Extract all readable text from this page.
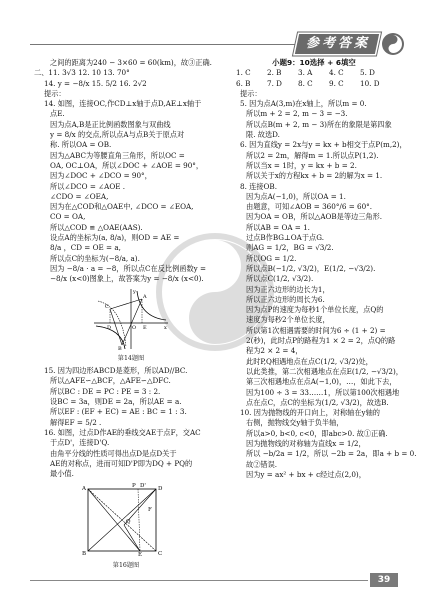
参考答案

之间的距离为240 − 3×60 = 60(km)，故③正确.

二、11. 3√3 12. 10 13. 70°

14. y = −8/x 15. 5/2 16. 2√2

提示：

14. 如图，连接OC,作CD⊥x轴于点D,AE⊥x轴于

点E.

因为点A,B是正比例函数图象与双曲线

y = 8/x 的交点,所以点A与点B关于原点对

称. 所以OA = OB.

因为△ABC为等腰直角三角形，所以OC =

OA, OC⊥OA，所以∠DOC + ∠AOE = 90°，

因为∠DOC + ∠DCO = 90°，

所以∠DCO = ∠AOE .

∠CDO = ∠OEA,

因为在△COD和△OAE中, ∠DCO = ∠EOA,

CO = OA,

所以△COD ≌ △OAE(AAS).

设点A的坐标为(a, 8/a)，则OD = AE =

8/a ，CD = OE = a,

所以点C的坐标为(−8/a, a).

因为 −8/a · a = −8，所以点C在反比例函数y =

−8/x (x<0)图象上，故答案为y = −8/x (x<0).

A
B
C
D	E
O	x
y
第14题图

15. 因为四边形ABCD是菱形，所以AD//BC.

所以△AFE∽△BCF，△AFE∽△DFC.

所以BC : DE = PC : PE = 3 : 2.

设BC = 3a，则DE = 2a，所以AE = a.

所以EF : (EF + EC) = AE : BC = 1 : 3.

解得EF = 5/2 .

16. 如图，过点D作AE的垂线交AE于点F，交AC

于点D'，连接D'Q.

由角平分线的性质可得出点D是点D关于

AE的对称点，进而可知D'P即为DQ + PQ的

最小值.

A
B	C
D
E
P D'
Q
F
第16题图

小题9：10选择 + 6填空

1. C	2. B	3. A	4. C	5. D
6. B	7. D	8. C	9. C	10. D

提示：

5. 因为点A(3,m)在x轴上，所以m = 0.

所以m + 2 = 2, m − 3 = −3.

所以点B(m + 2, m − 3)所在的象限是第四象

限. 故选D.

6. 因为直线y = 2x与y = kx + b相交于点P(m,2)，

所以2 = 2m，解得m = 1.所以点P(1,2).

所以当x = 1时，y = kx + b = 2.

所以关于x的方程kx + b = 2的解为x = 1.

8. 连接OB.

因为点A(−1,0)，所以OA = 1.

由题意，可知∠AOB = 360°/6 = 60°.

因为OA = OB，所以△AOB是等边三角形.

所以AB = OA = 1.

过点B作BG⊥OA于点G.

则AG = 1/2，BG = √3/2.

所以OG = 1/2.

所以点B(−1/2, √3/2)，E(1/2, −√3/2).

所以点C(1/2, √3/2).

因为正六边形的边长为1，

所以正六边形的周长为6.

因为点P的速度为每秒1个单位长度，点Q的

速度为每秒2个单位长度，

所以第1次相遇需要的时间为6 ÷ (1 + 2) =

2(秒)，此时点P的路程为1 × 2 = 2，点Q的路

程为2 × 2 = 4，

此时P,Q相遇地点在点C(1/2, √3/2)处，

以此类推，第二次相遇地点在点E(1/2, −√3/2)，

第三次相遇地点在点A(−1,0)，…，如此下去，

因为100 ÷ 3 = 33……1，所以第100次相遇地

点在点C，点C的坐标为(1/2, √3/2)，故选B.

10. 因为抛物线的开口向上，对称轴在y轴的

右侧，抛物线交y轴于负半轴，

所以a>0, b<0, c<0，即abc>0. 故①正确.

因为抛物线的对称轴为直线x = 1/2，

所以 −b/2a = 1/2，所以 −2b = 2a，即a + b = 0.

故②错误.

因为y = ax² + bx + c经过点(2,0)，

39
